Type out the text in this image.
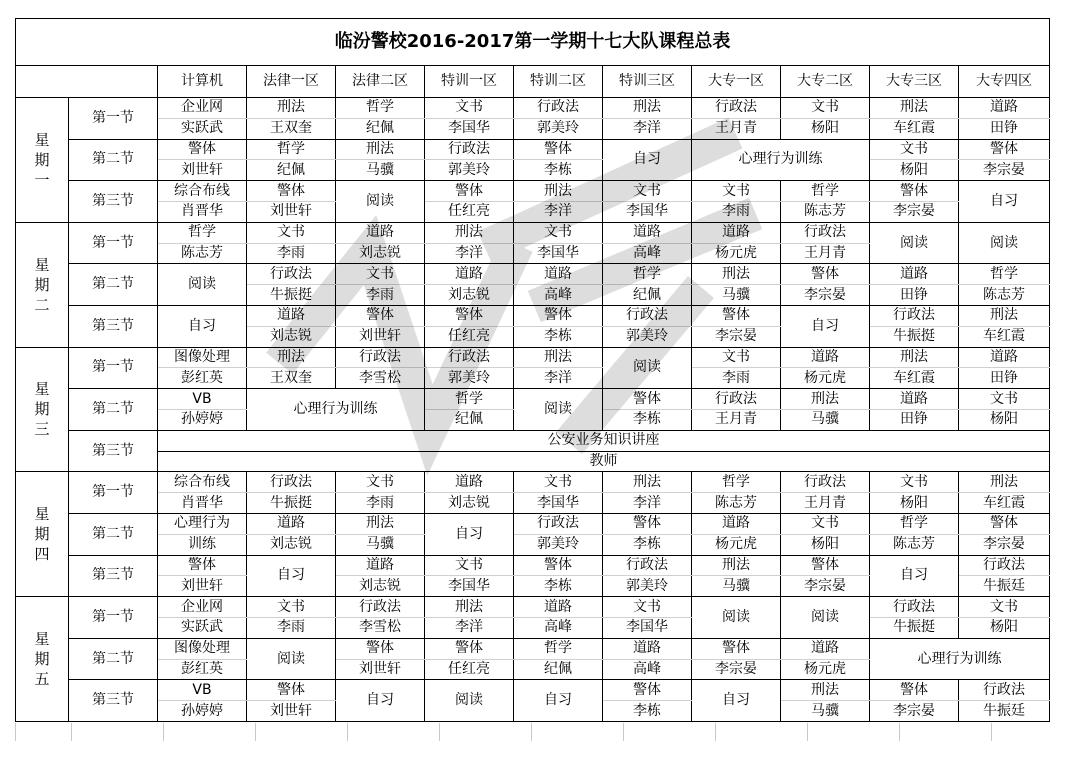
临汾警校2016-2017第一学期十七大队课程总表											
		计算机	法律一区	法律二区	特训一区	特训二区	特训三区	大专一区	大专二区	大专三区	大专四区
星期一	第一节	企业网	刑法	哲学	文书	行政法	刑法	行政法	文书	刑法	道路
		实跃武	王双奎	纪佩	李国华	郭美玲	李洋	王月青	杨阳	车红霞	田铮
	第二节	警体	哲学	刑法	行政法	警体	自习	心理行为训练		文书	警体
		刘世轩	纪佩	马骥	郭美玲	李栋				杨阳	李宗晏
	第三节	综合布线	警体	阅读	警体	刑法	文书	文书	哲学	警体	自习
		肖晋华	刘世轩		任红亮	李洋	李国华	李雨	陈志芳	李宗晏	
星期二	第一节	哲学	文书	道路	刑法	文书	道路	道路	行政法	阅读	阅读
		陈志芳	李雨	刘志锐	李洋	李国华	高峰	杨元虎	王月青		
	第二节	阅读	行政法	文书	道路	道路	哲学	刑法	警体	道路	哲学
			牛振挺	李雨	刘志锐	高峰	纪佩	马骥	李宗晏	田铮	陈志芳
	第三节	自习	道路	警体	警体	警体	行政法	警体	自习	行政法	刑法
			刘志锐	刘世轩	任红亮	李栋	郭美玲	李宗晏		牛振挺	车红霞
星期三	第一节	图像处理	刑法	行政法	行政法	刑法	阅读	文书	道路	刑法	道路
		彭红英	王双奎	李雪松	郭美玲	李洋		李雨	杨元虎	车红霞	田铮
	第二节	VB	心理行为训练		哲学	阅读	警体	行政法	刑法	道路	文书
		孙婷婷			纪佩		李栋	王月青	马骥	田铮	杨阳
	第三节	公安业务知识讲座									
		教师									
星期四	第一节	综合布线	行政法	文书	道路	文书	刑法	哲学	行政法	文书	刑法
		肖晋华	牛振挺	李雨	刘志锐	李国华	李洋	陈志芳	王月青	杨阳	车红霞
	第二节	心理行为	道路	刑法	自习	行政法	警体	道路	文书	哲学	警体
		训练	刘志锐	马骥		郭美玲	李栋	杨元虎	杨阳	陈志芳	李宗晏
	第三节	警体	自习	道路	文书	警体	行政法	刑法	警体	自习	行政法
		刘世轩		刘志锐	李国华	李栋	郭美玲	马骥	李宗晏		牛振廷
星期五	第一节	企业网	文书	行政法	刑法	道路	文书	阅读	阅读	行政法	文书
		实跃武	李雨	李雪松	李洋	高峰	李国华			牛振挺	杨阳
	第二节	图像处理	阅读	警体	警体	哲学	道路	警体	道路	心理行为训练	
		彭红英		刘世轩	任红亮	纪佩	高峰	李宗晏	杨元虎		
	第三节	VB	警体	自习	阅读	自习	警体	自习	刑法	警体	行政法
		孙婷婷	刘世轩				李栋		马骥	李宗晏	牛振廷
